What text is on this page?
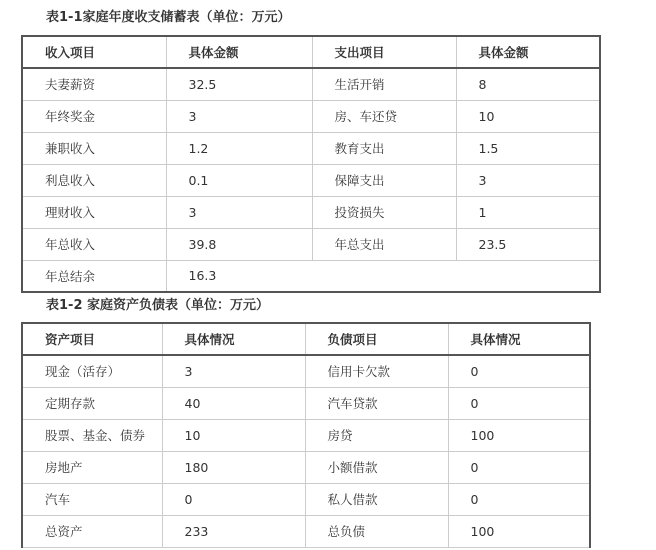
表1-1家庭年度收支储蓄表（单位：万元）
收入项目	具体金额	支出项目	具体金额
夫妻薪资	32.5	生活开销	8
年终奖金	3	房、车还贷	10
兼职收入	1.2	教育支出	1.5
利息收入	0.1	保障支出	3
理财收入	3	投资损失	1
年总收入	39.8	年总支出	23.5
年总结余	16.3		
表1-2 家庭资产负债表（单位：万元）
资产项目	具体情况	负债项目	具体情况
现金（活存）	3	信用卡欠款	0
定期存款	40	汽车贷款	0
股票、基金、债券	10	房贷	100
房地产	180	小额借款	0
汽车	0	私人借款	0
总资产	233	总负债	100
